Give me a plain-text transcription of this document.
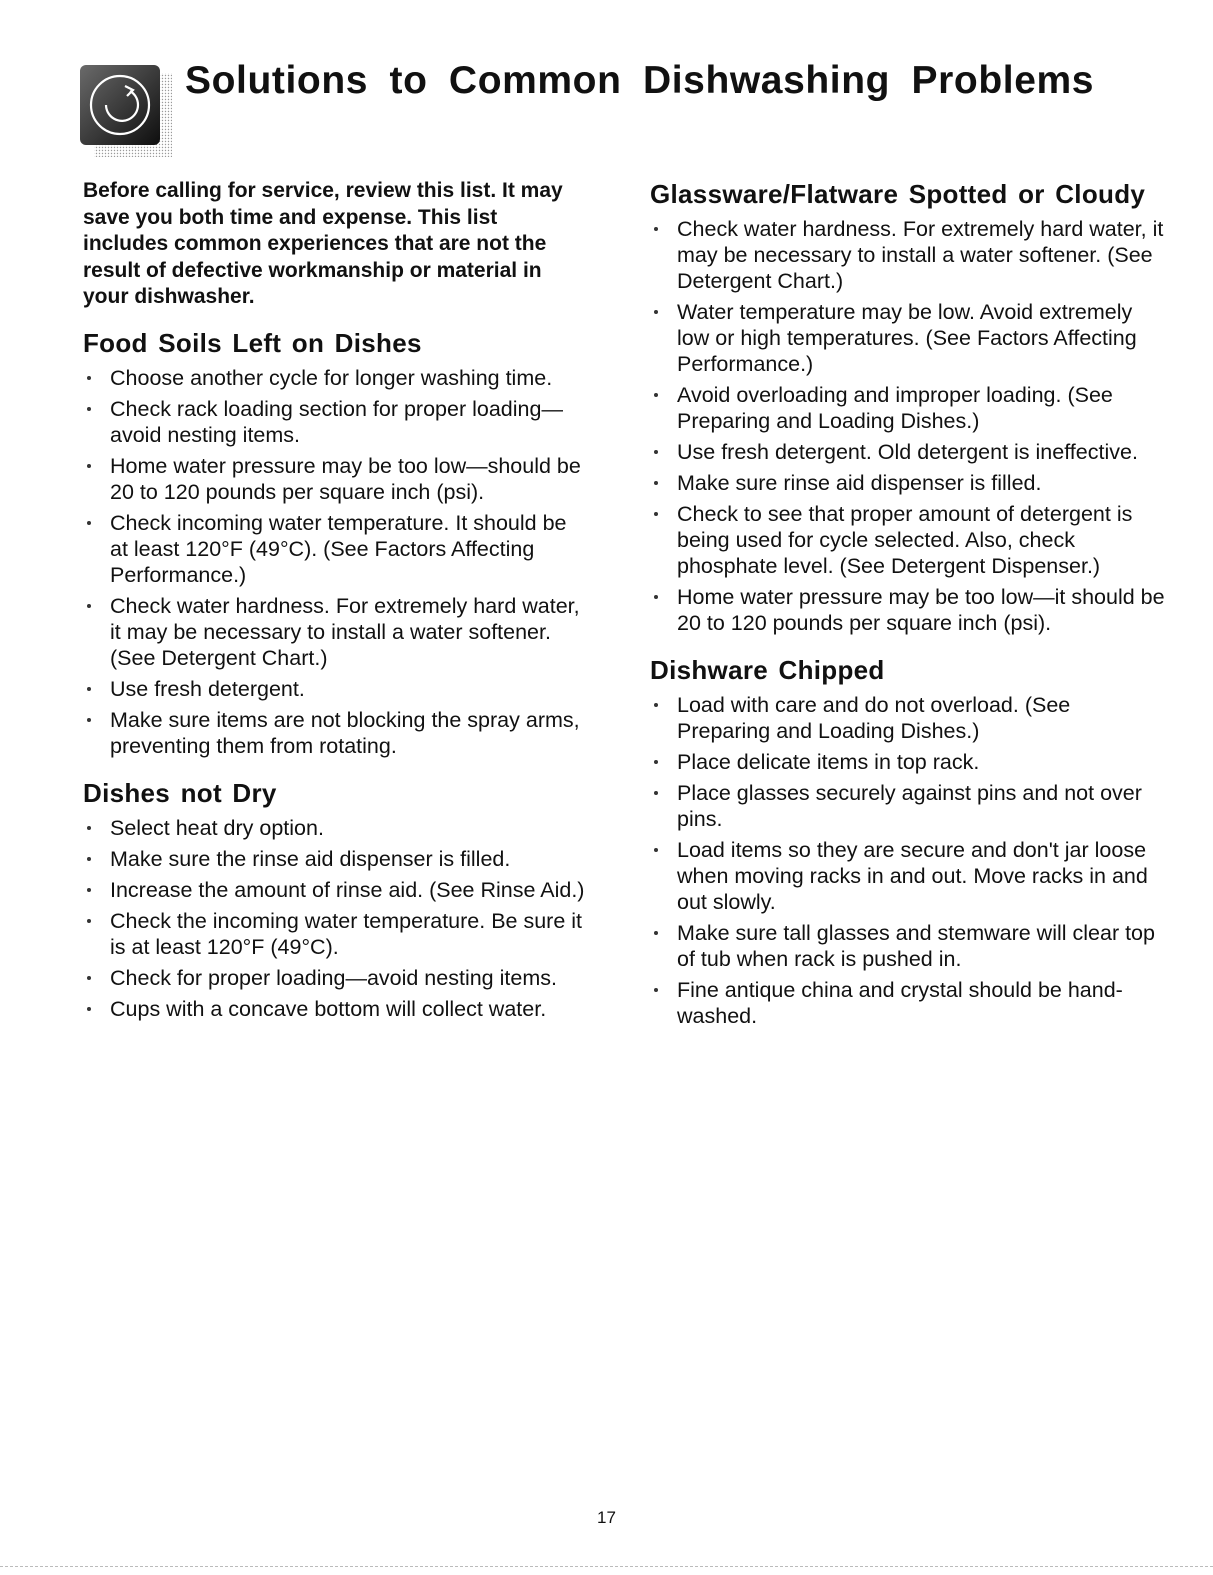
Solutions to Common Dishwashing Problems

Before calling for service, review this list. It may save you both time and expense. This list includes common experiences that are not the result of defective workmanship or material in your dishwasher.

Food Soils Left on Dishes
Choose another cycle for longer washing time.
Check rack loading section for proper loading—avoid nesting items.
Home water pressure may be too low—should be 20 to 120 pounds per square inch (psi).
Check incoming water temperature. It should be at least 120°F (49°C). (See Factors Affecting Performance.)
Check water hardness. For extremely hard water, it may be necessary to install a water softener. (See Detergent Chart.)
Use fresh detergent.
Make sure items are not blocking the spray arms, preventing them from rotating.
Dishes not Dry
Select heat dry option.
Make sure the rinse aid dispenser is filled.
Increase the amount of rinse aid. (See Rinse Aid.)
Check the incoming water temperature. Be sure it is at least 120°F (49°C).
Check for proper loading—avoid nesting items.
Cups with a concave bottom will collect water.
Glassware/Flatware Spotted or Cloudy
Check water hardness. For extremely hard water, it may be necessary to install a water softener. (See Detergent Chart.)
Water temperature may be low. Avoid extremely low or high temperatures. (See Factors Affecting Performance.)
Avoid overloading and improper loading. (See Preparing and Loading Dishes.)
Use fresh detergent. Old detergent is ineffective.
Make sure rinse aid dispenser is filled.
Check to see that proper amount of detergent is being used for cycle selected. Also, check phosphate level. (See Detergent Dispenser.)
Home water pressure may be too low—it should be 20 to 120 pounds per square inch (psi).
Dishware Chipped
Load with care and do not overload. (See Preparing and Loading Dishes.)
Place delicate items in top rack.
Place glasses securely against pins and not over pins.
Load items so they are secure and don't jar loose when moving racks in and out. Move racks in and out slowly.
Make sure tall glasses and stemware will clear top of tub when rack is pushed in.
Fine antique china and crystal should be hand-washed.
17
